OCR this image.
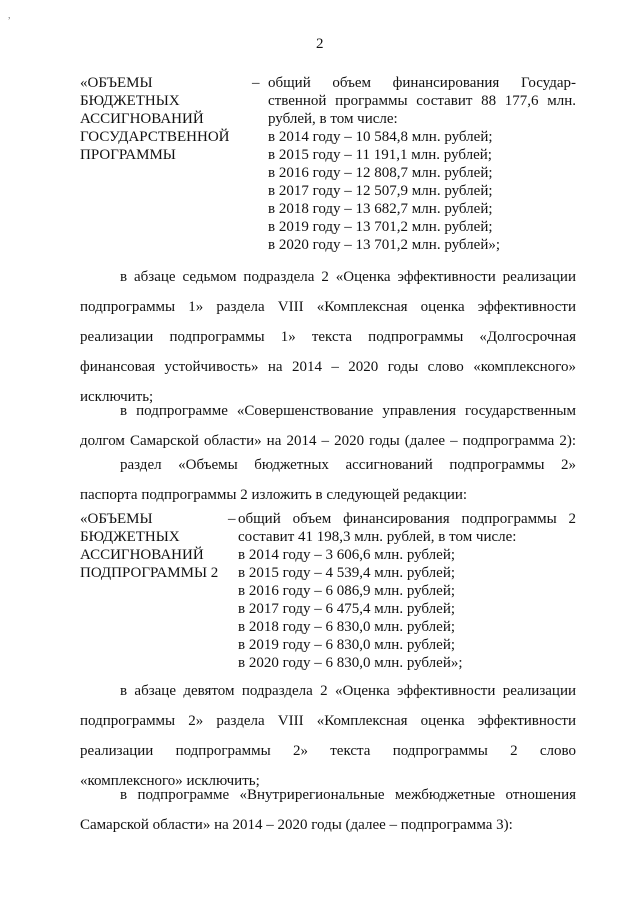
,
2
«ОБЪЕМЫ
БЮДЖЕТНЫХ
АССИГНОВАНИЙ
ГОСУДАРСТВЕННОЙ
ПРОГРАММЫ
– общий объем финансирования Государ-
ственной программы составит 88 177,6 млн.
рублей, в том числе:
в 2014 году – 10 584,8 млн. рублей;
в 2015 году – 11 191,1 млн. рублей;
в 2016 году – 12 808,7 млн. рублей;
в 2017 году – 12 507,9 млн. рублей;
в 2018 году – 13 682,7 млн. рублей;
в 2019 году – 13 701,2 млн. рублей;
в 2020 году – 13 701,2 млн. рублей»;
в абзаце седьмом подраздела 2 «Оценка эффективности реализации
подпрограммы 1» раздела VIII «Комплексная оценка эффективности
реализации подпрограммы 1» текста подпрограммы «Долгосрочная
финансовая устойчивость» на 2014 – 2020 годы слово «комплексного»
исключить;
в подпрограмме «Совершенствование управления государственным
долгом Самарской области» на 2014 – 2020 годы (далее – подпрограмма 2):
раздел «Объемы бюджетных ассигнований подпрограммы 2»
паспорта подпрограммы 2 изложить в следующей редакции:
«ОБЪЕМЫ
БЮДЖЕТНЫХ
АССИГНОВАНИЙ
ПОДПРОГРАММЫ 2
– общий объем финансирования подпрограммы 2
составит 41 198,3 млн. рублей, в том числе:
в 2014 году – 3 606,6 млн. рублей;
в 2015 году – 4 539,4 млн. рублей;
в 2016 году – 6 086,9 млн. рублей;
в 2017 году – 6 475,4 млн. рублей;
в 2018 году – 6 830,0 млн. рублей;
в 2019 году – 6 830,0 млн. рублей;
в 2020 году – 6 830,0 млн. рублей»;
в абзаце девятом подраздела 2 «Оценка эффективности реализации
подпрограммы 2» раздела VIII «Комплексная оценка эффективности
реализации подпрограммы 2» текста подпрограммы 2 слово
«комплексного» исключить;
в подпрограмме «Внутрирегиональные межбюджетные отношения
Самарской области» на 2014 – 2020 годы (далее – подпрограмма 3):
